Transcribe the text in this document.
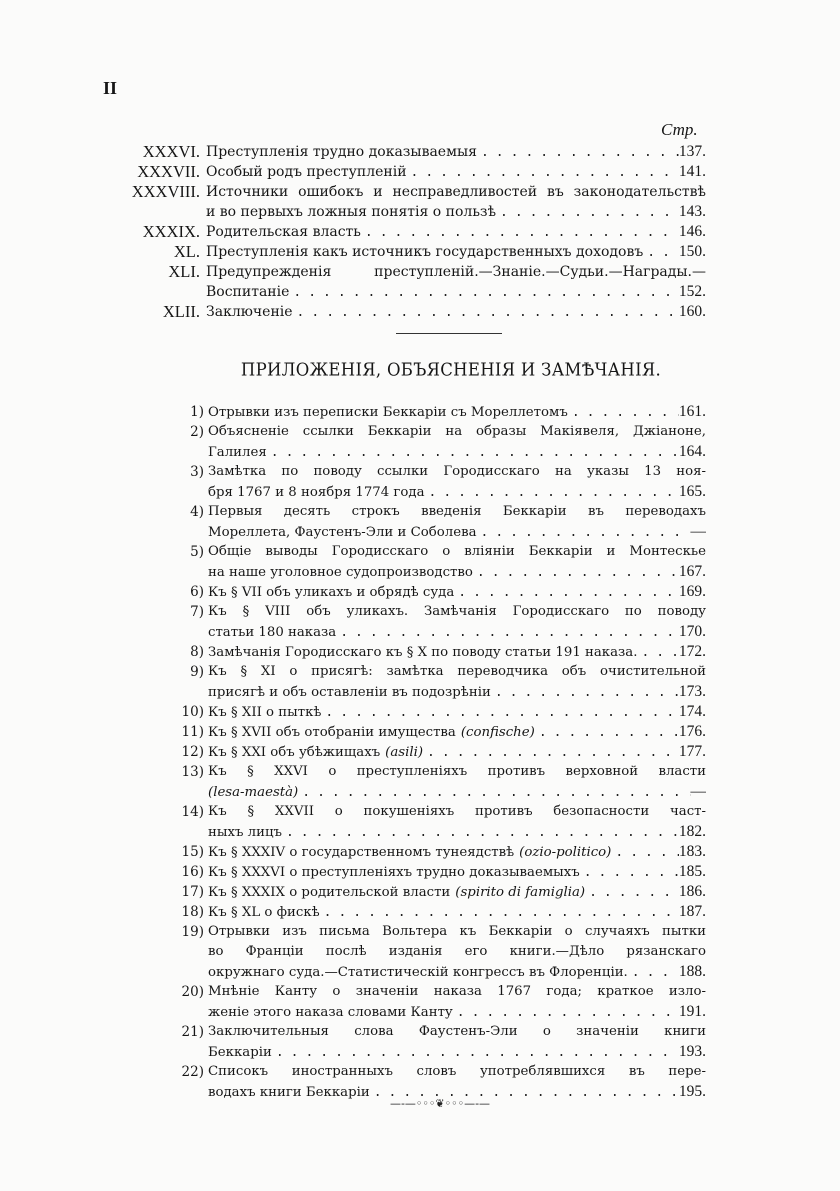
II
Стр.
XXXVI. Преступленія трудно доказываемыя .....	137.
XXXVII. Особый родъ преступленій .....	141.
XXXVIII. Источники ошибокъ и несправедливостей въ законодательствѣ
и во первыхъ ложныя понятія о пользѣ .....	143.
XXXIX. Родительская власть .....	146.
XL. Преступленія какъ источникъ государственныхъ доходовъ ..... 150.
XLI. Предупрежденія преступленій.—Знаніе.—Судьи.—Награды.—
Воспитаніе .....	152.
XLII. Заключеніе .....	160.
ПРИЛОЖЕНІЯ, ОБЪЯСНЕНІЯ И ЗАМѢЧАНІЯ.
1) Отрывки изъ переписки Беккаріи съ Мореллетомъ .....	161.
2) Объясненіе ссылки Беккаріи на образы Макіявеля, Джіаноне,
Галилея .....	164.
3) Замѣтка по поводу ссылки Городисскаго на указы 13 ноя-
бря 1767 и 8 ноября 1774 года .....	165.
4) Первыя десять строкъ введенія Беккаріи въ переводахъ
Мореллета, Фаустенъ-Эли и Соболева .....	—
5) Общіе выводы Городисскаго о вліяніи Беккаріи и Монтескье
на наше уголовное судопроизводство .....	167.
6) Къ § VII объ уликахъ и обрядѣ суда .....	169.
7) Къ § VIII объ уликахъ. Замѣчанія Городисскаго по поводу
статьи 180 наказа .....	170.
8) Замѣчанія Городисскаго къ § X по поводу статьи 191 наказа. .....	172.
9) Къ § XI о присягѣ: замѣтка переводчика объ очистительной
присягѣ и объ оставленіи въ подозрѣніи .....	173.
10) Къ § XII о пыткѣ .....	174.
11) Къ § XVII объ отобраніи имущества (confische) .....	176.
12) Къ § XXI объ убѣжищахъ (asili) .....	177.
13) Къ § XXVI о преступленіяхъ противъ верховной власти
(lesa-maestà) .....	—
14) Къ § XXVII о покушеніяхъ противъ безопасности част-
ныхъ лицъ .....	182.
15) Къ § XXXIV о государственномъ тунеядствѣ (ozio-politico) .....	183.
16) Къ § XXXVI о преступленіяхъ трудно доказываемыхъ .....	185.
17) Къ § XXXIX о родительской власти (spirito di famiglia) .....	186.
18) Къ § XL о фискѣ .....	187.
19) Отрывки изъ письма Вольтера къ Беккаріи о случаяхъ пытки
во Франціи послѣ изданія его книги.—Дѣло рязанскаго
окружнаго суда.—Статистическій конгрессъ въ Флоренціи. .....	188.
20) Мнѣніе Канту о значеніи наказа 1767 года; краткое изло-
женіе этого наказа словами Канту .....	191.
21) Заключительныя слова Фаустенъ-Эли о значеніи книги
Беккаріи .....	193.
22) Списокъ иностранныхъ словъ употреблявшихся въ пере-
водахъ книги Беккаріи .....	195.
—-—◦◦◦❦◦◦◦—-—
